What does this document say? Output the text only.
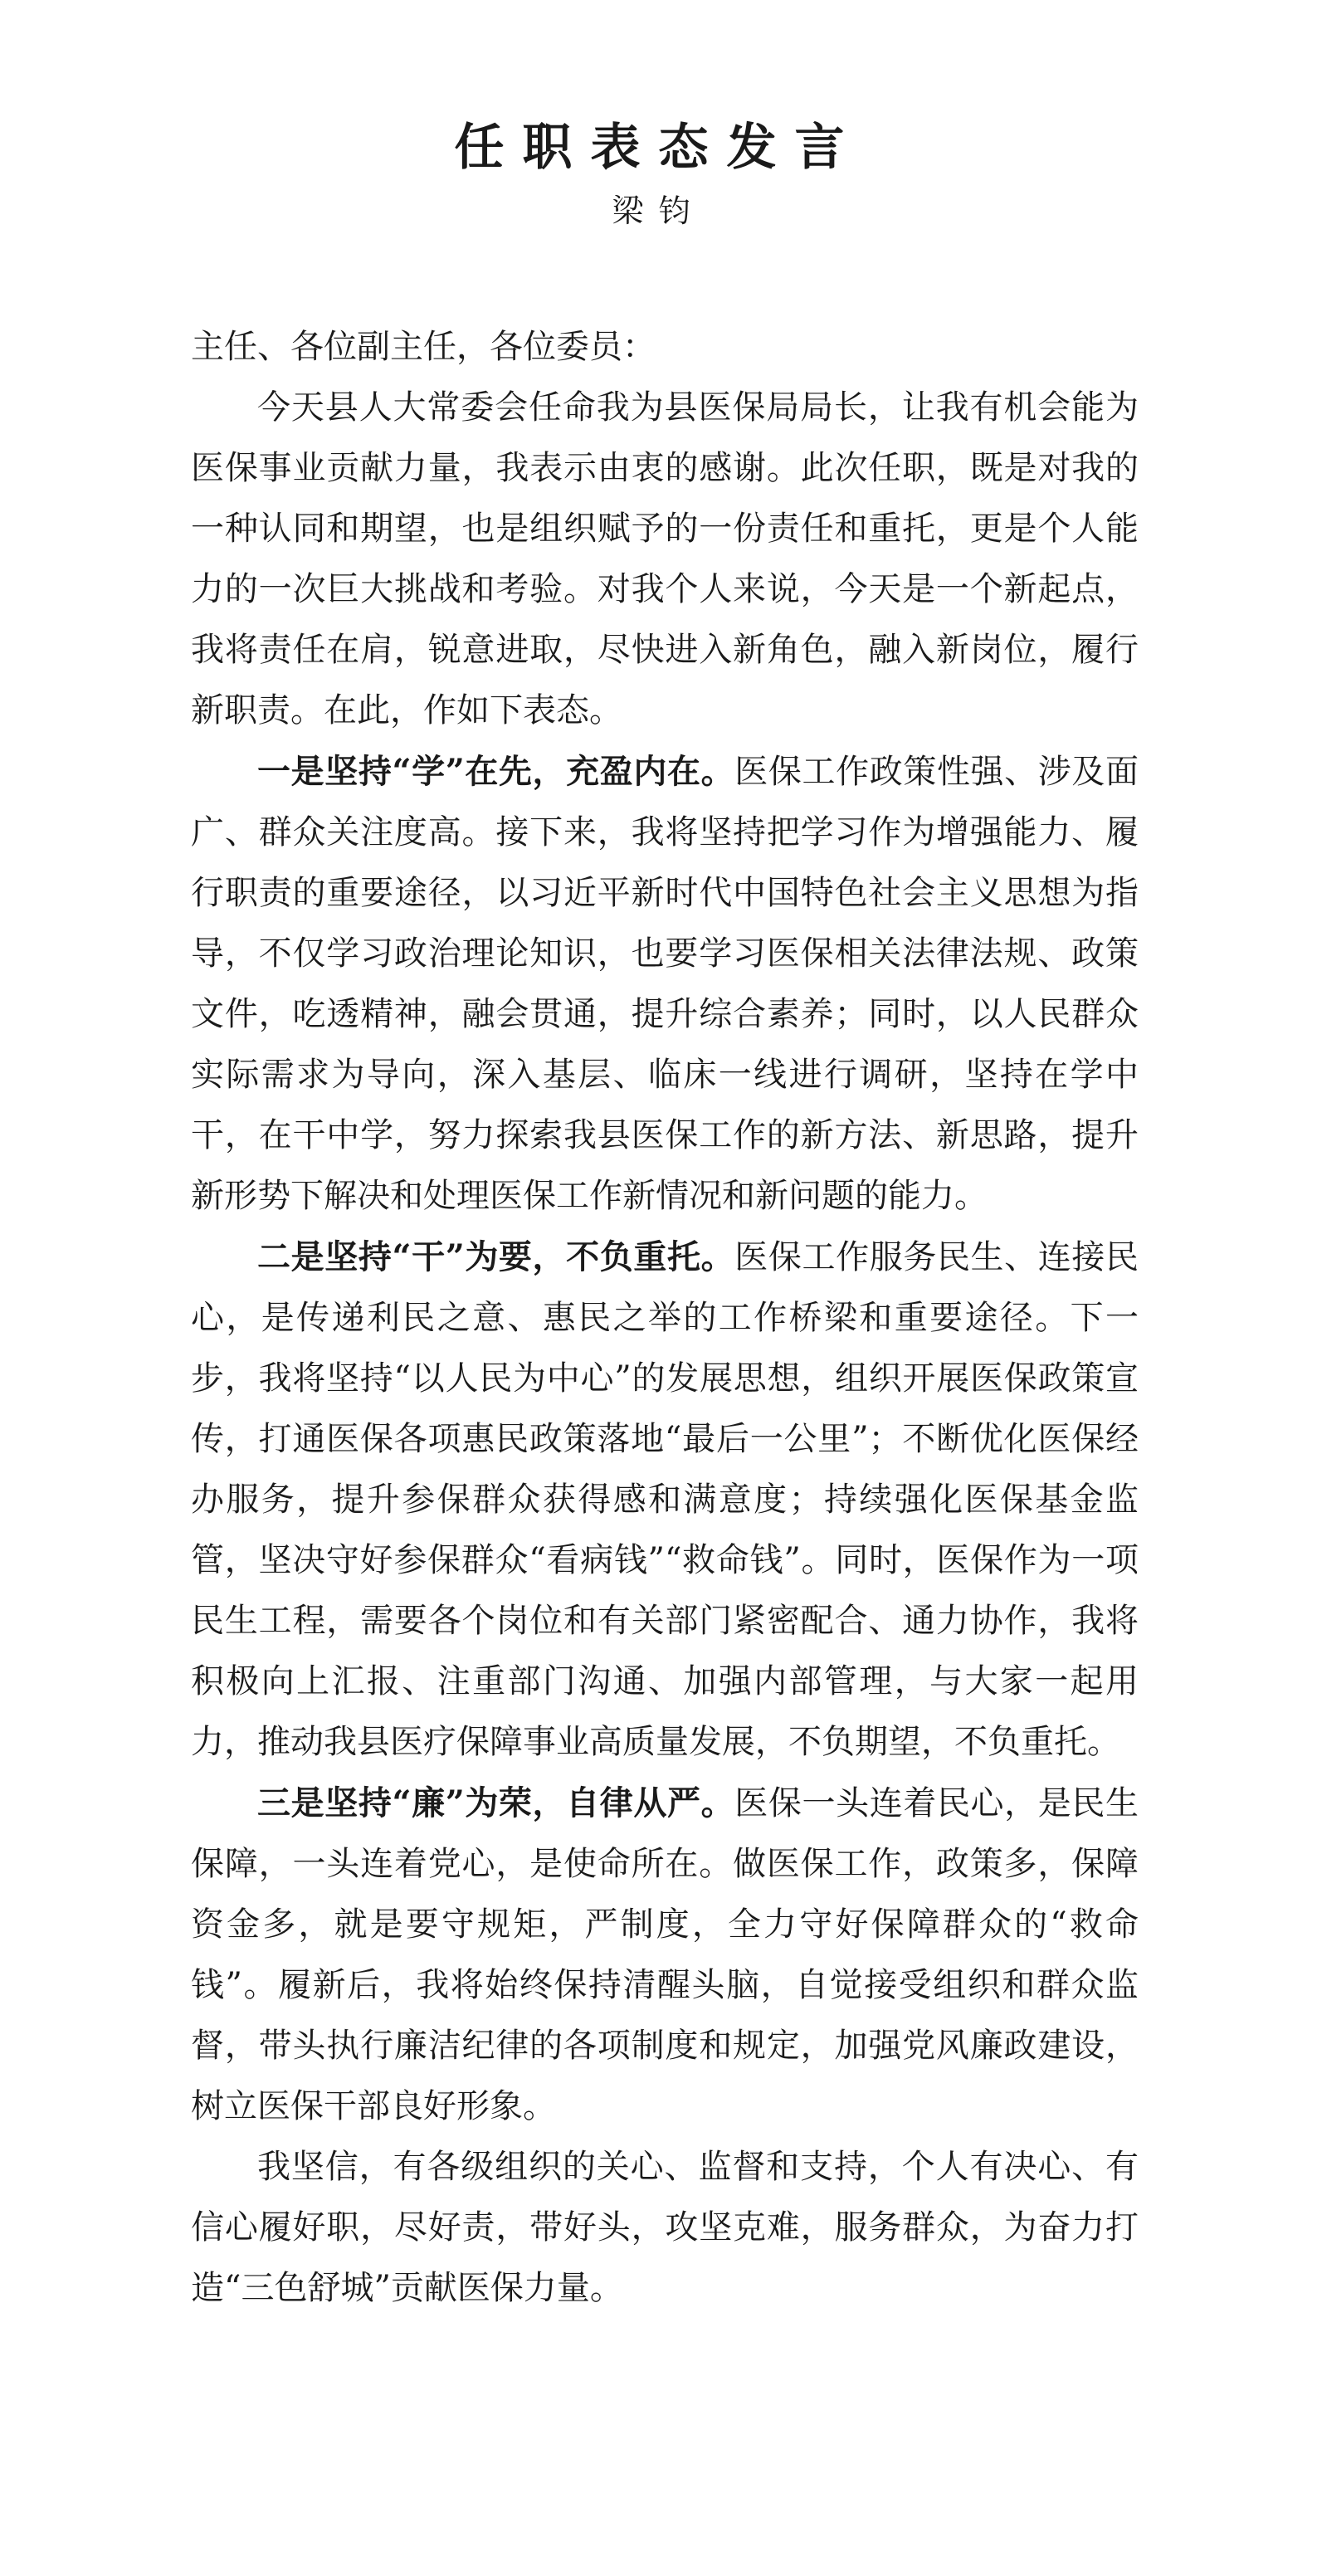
任职表态发言
梁钧

主任、各位副主任，各位委员：

今天县人大常委会任命我为县医保局局长，让我有机会能为医保事业贡献力量，我表示由衷的感谢。此次任职，既是对我的一种认同和期望，也是组织赋予的一份责任和重托，更是个人能力的一次巨大挑战和考验。对我个人来说，今天是一个新起点，我将责任在肩，锐意进取，尽快进入新角色，融入新岗位，履行新职责。在此，作如下表态。

一是坚持“学”在先，充盈内在。医保工作政策性强、涉及面广、群众关注度高。接下来，我将坚持把学习作为增强能力、履行职责的重要途径，以习近平新时代中国特色社会主义思想为指导，不仅学习政治理论知识，也要学习医保相关法律法规、政策文件，吃透精神，融会贯通，提升综合素养；同时，以人民群众实际需求为导向，深入基层、临床一线进行调研，坚持在学中干，在干中学，努力探索我县医保工作的新方法、新思路，提升新形势下解决和处理医保工作新情况和新问题的能力。

二是坚持“干”为要，不负重托。医保工作服务民生、连接民心，是传递利民之意、惠民之举的工作桥梁和重要途径。下一步，我将坚持“以人民为中心”的发展思想，组织开展医保政策宣传，打通医保各项惠民政策落地“最后一公里”；不断优化医保经办服务，提升参保群众获得感和满意度；持续强化医保基金监管，坚决守好参保群众“看病钱”“救命钱”。同时，医保作为一项民生工程，需要各个岗位和有关部门紧密配合、通力协作，我将积极向上汇报、注重部门沟通、加强内部管理，与大家一起用力，推动我县医疗保障事业高质量发展，不负期望，不负重托。

三是坚持“廉”为荣，自律从严。医保一头连着民心，是民生保障，一头连着党心，是使命所在。做医保工作，政策多，保障资金多，就是要守规矩，严制度，全力守好保障群众的“救命钱”。履新后，我将始终保持清醒头脑，自觉接受组织和群众监督，带头执行廉洁纪律的各项制度和规定，加强党风廉政建设，树立医保干部良好形象。

我坚信，有各级组织的关心、监督和支持，个人有决心、有信心履好职，尽好责，带好头，攻坚克难，服务群众，为奋力打造“三色舒城”贡献医保力量。
